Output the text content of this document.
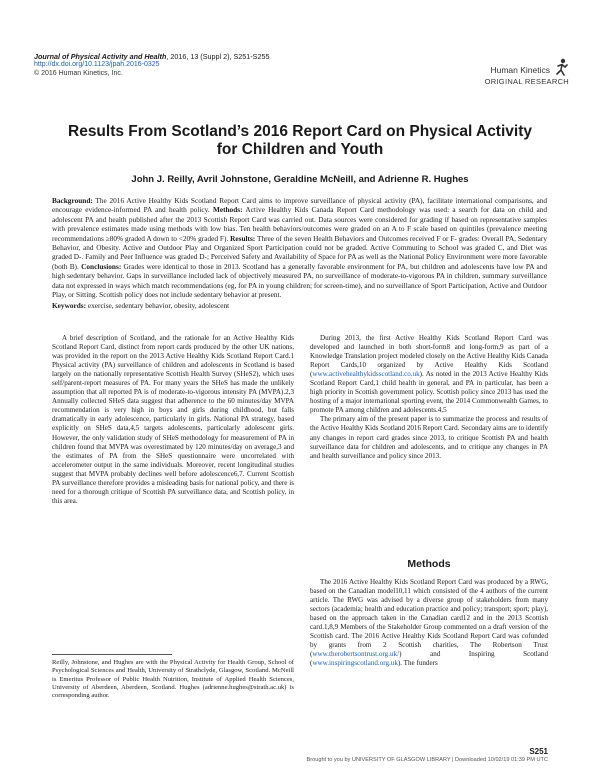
Journal of Physical Activity and Health, 2016, 13 (Suppl 2), S251-S255
http://dx.doi.org/10.1123/jpah.2016-0325
© 2016 Human Kinetics, Inc.	Human Kinetics
ORIGINAL RESEARCH
Results From Scotland’s 2016 Report Card on Physical Activity for Children and Youth
John J. Reilly, Avril Johnstone, Geraldine McNeill, and Adrienne R. Hughes
Background: The 2016 Active Healthy Kids Scotland Report Card aims to improve surveillance of physical activity (PA), facilitate international comparisons, and encourage evidence-informed PA and health policy. Methods: Active Healthy Kids Canada Report Card methodology was used: a search for data on child and adolescent PA and health published after the 2013 Scottish Report Card was carried out. Data sources were considered for grading if based on representative samples with prevalence estimates made using methods with low bias. Ten health behaviors/outcomes were graded on an A to F scale based on quintiles (prevalence meeting recommendations ≥80% graded A down to <20% graded F). Results: Three of the seven Health Behaviors and Outcomes received F or F- grades: Overall PA, Sedentary Behavior, and Obesity. Active and Outdoor Play and Organized Sport Participation could not be graded. Active Commuting to School was graded C, and Diet was graded D-. Family and Peer Influence was graded D-; Perceived Safety and Availability of Space for PA as well as the National Policy Environment were more favorable (both B). Conclusions: Grades were identical to those in 2013. Scotland has a generally favorable environment for PA, but children and adolescents have low PA and high sedentary behavior. Gaps in surveillance included lack of objectively measured PA, no surveillance of moderate-to-vigorous PA in children, summary surveillance data not expressed in ways which match recommendations (eg, for PA in young children; for screen-time), and no surveillance of Sport Participation, Active and Outdoor Play, or Sitting. Scottish policy does not include sedentary behavior at present.
Keywords: exercise, sedentary behavior, obesity, adolescent

A brief description of Scotland, and the rationale for an Active Healthy Kids Scotland Report Card, distinct from report cards produced by the other UK nations, was provided in the report on the 2013 Active Healthy Kids Scotland Report Card.1 Physical activity (PA) surveillance of children and adolescents in Scotland is based largely on the nationally representative Scottish Health Survey (SHeS2), which uses self/parent-report measures of PA. For many years the SHeS has made the unlikely assumption that all reported PA is of moderate-to-vigorous intensity PA (MVPA).2,3 Annually collected SHeS data suggest that adherence to the 60 minutes/day MVPA recommendation is very high in boys and girls during childhood, but falls dramatically in early adolescence, particularly in girls. National PA strategy, based explicitly on SHeS data,4,5 targets adolescents, particularly adolescent girls. However, the only validation study of SHeS methodology for measurement of PA in children found that MVPA was overestimated by 120 minutes/day on average,3 and the estimates of PA from the SHeS questionnaire were uncorrelated with accelerometer output in the same individuals. Moreover, recent longitudinal studies suggest that MVPA probably declines well before adolescence6,7. Current Scottish PA surveillance therefore provides a misleading basis for national policy, and there is need for a thorough critique of Scottish PA surveillance data, and Scottish policy, in this area.

During 2013, the first Active Healthy Kids Scotland Report Card was developed and launched in both short-form8 and long-form,9 as part of a Knowledge Translation project modeled closely on the Active Healthy Kids Canada Report Cards,10 organized by Active Healthy Kids Scotland (www.activehealthykidsscotland.co.uk). As noted in the 2013 Active Healthy Kids Scotland Report Card,1 child health in general, and PA in particular, has been a high priority in Scottish government policy. Scottish policy since 2013 has used the hosting of a major international sporting event, the 2014 Commonwealth Games, to promote PA among children and adolescents.4,5

The primary aim of the present paper is to summarize the process and results of the Active Healthy Kids Scotland 2016 Report Card. Secondary aims are to identify any changes in report card grades since 2013, to critique Scottish PA and health surveillance data for children and adolescents, and to critique any changes in PA and health surveillance and policy since 2013.

Methods

The 2016 Active Healthy Kids Scotland Report Card was produced by a RWG, based on the Canadian model10,11 which consisted of the 4 authors of the current article. The RWG was advised by a diverse group of stakeholders from many sectors (academia; health and education practice and policy; transport; sport; play), based on the approach taken in the Canadian card12 and in the 2013 Scottish card.1,8,9 Members of the Stakeholder Group commented on a draft version of the Scottish card. The 2016 Active Healthy Kids Scotland Report Card was cofunded by grants from 2 Scottish charities, The Robertson Trust (www.therobertsontrust.org.uk/) and Inspiring Scotland (www.inspiringscotland.org.uk). The funders

Reilly, Johnstone, and Hughes are with the Physical Activity for Health Group, School of Psychological Sciences and Health, University of Strathclyde, Glasgow, Scotland. McNeill is Emeritus Professor of Public Health Nutrition, Institute of Applied Health Sciences, University of Aberdeen, Aberdeen, Scotland. Hughes (adrienne.hughes@strath.ac.uk) is corresponding author.
S251
Brought to you by UNIVERSITY OF GLASGOW LIBRARY | Downloaded 10/02/19 01:39 PM UTC
